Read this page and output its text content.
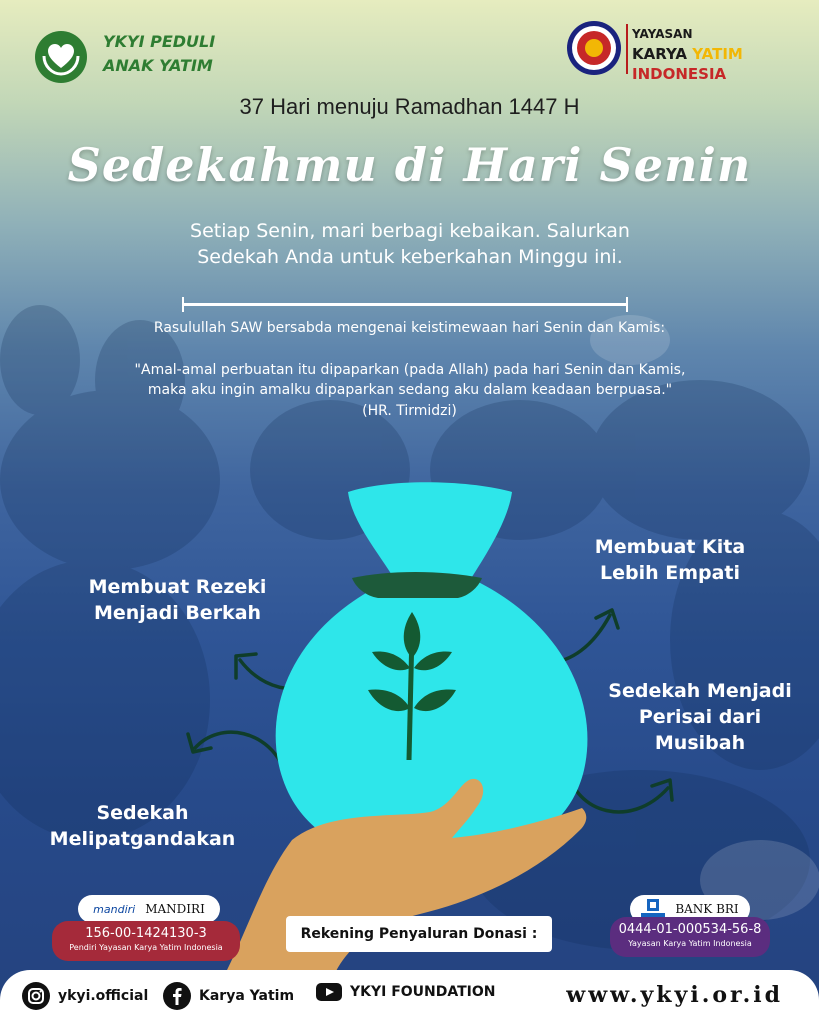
YKYI PEDULI
ANAK YATIM
YAYASAN
KARYA YATIM INDONESIA
37 Hari menuju Ramadhan 1447 H
Sedekahmu di Hari Senin
Setiap Senin, mari berbagi kebaikan. Salurkan
Sedekah Anda untuk keberkahan Minggu ini.
Rasulullah SAW bersabda mengenai keistimewaan hari Senin dan Kamis:
"Amal-amal perbuatan itu dipaparkan (pada Allah) pada hari Senin dan Kamis,
maka aku ingin amalku dipaparkan sedang aku dalam keadaan berpuasa."
(HR. Tirmidzi)
Membuat Rezeki
Menjadi Berkah
Membuat Kita
Lebih Empati
Sedekah Menjadi
Perisai dari
Musibah
Sedekah
Melipatgandakan
mandiri MANDIRI
156-00-1424130-3
Pendiri Yayasan Karya Yatim Indonesia
Rekening Penyaluran Donasi :
BANK BRI
0444-01-000534-56-8
Yayasan Karya Yatim Indonesia
ykyi.official	Karya Yatim	YKYI FOUNDATION	www.ykyi.or.id
